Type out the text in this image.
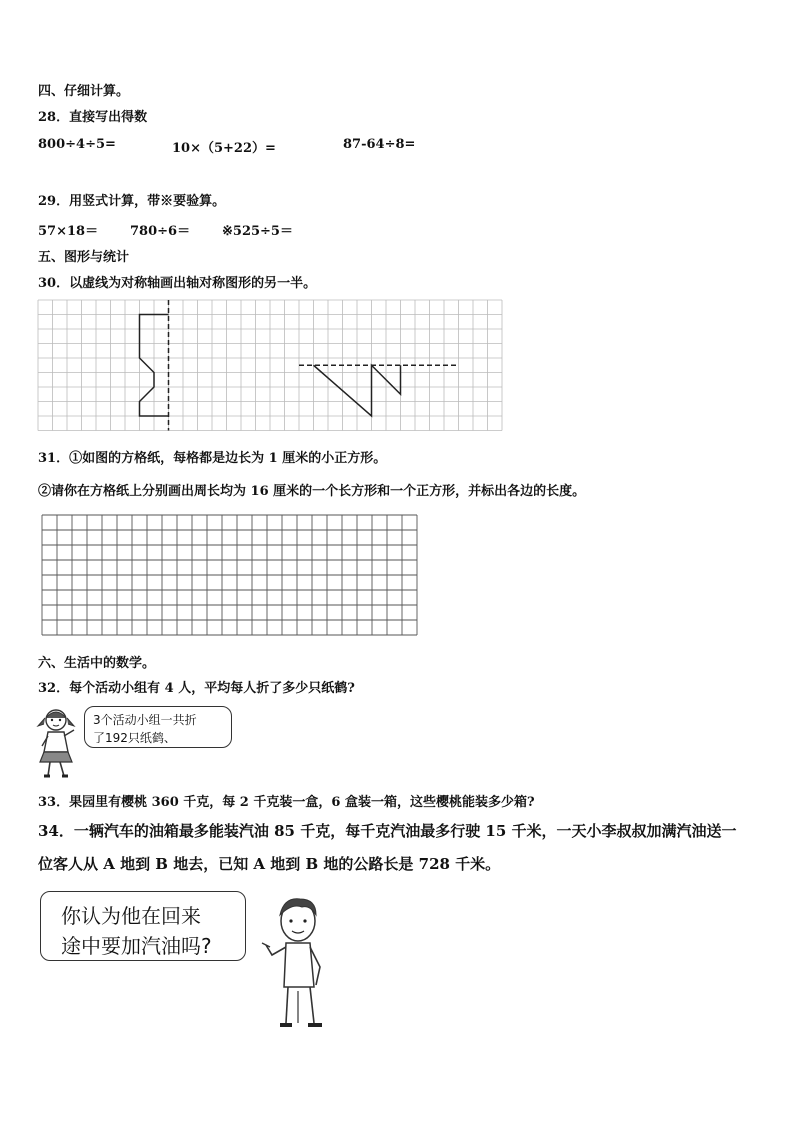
四、仔细计算。
28．直接写出得数
800÷4÷5=	10×（5+22）=	87-64÷8=
29．用竖式计算，带※要验算。
57×18＝ 780÷6＝ ※525÷5＝
五、图形与统计
30．以虚线为对称轴画出轴对称图形的另一半。
31．①如图的方格纸，每格都是边长为 1 厘米的小正方形。
②请你在方格纸上分别画出周长均为 16 厘米的一个长方形和一个正方形，并标出各边的长度。
六、生活中的数学。
32．每个活动小组有 4 人，平均每人折了多少只纸鹤?
3个活动小组一共折
了192只纸鹤、
33．果园里有樱桃 360 千克，每 2 千克装一盒，6 盒装一箱，这些樱桃能装多少箱?
34．一辆汽车的油箱最多能装汽油 85 千克，每千克汽油最多行驶 15 千米，一天小李叔叔加满汽油送一
位客人从 A 地到 B 地去，已知 A 地到 B 地的公路长是 728 千米。
你认为他在回来
途中要加汽油吗?
